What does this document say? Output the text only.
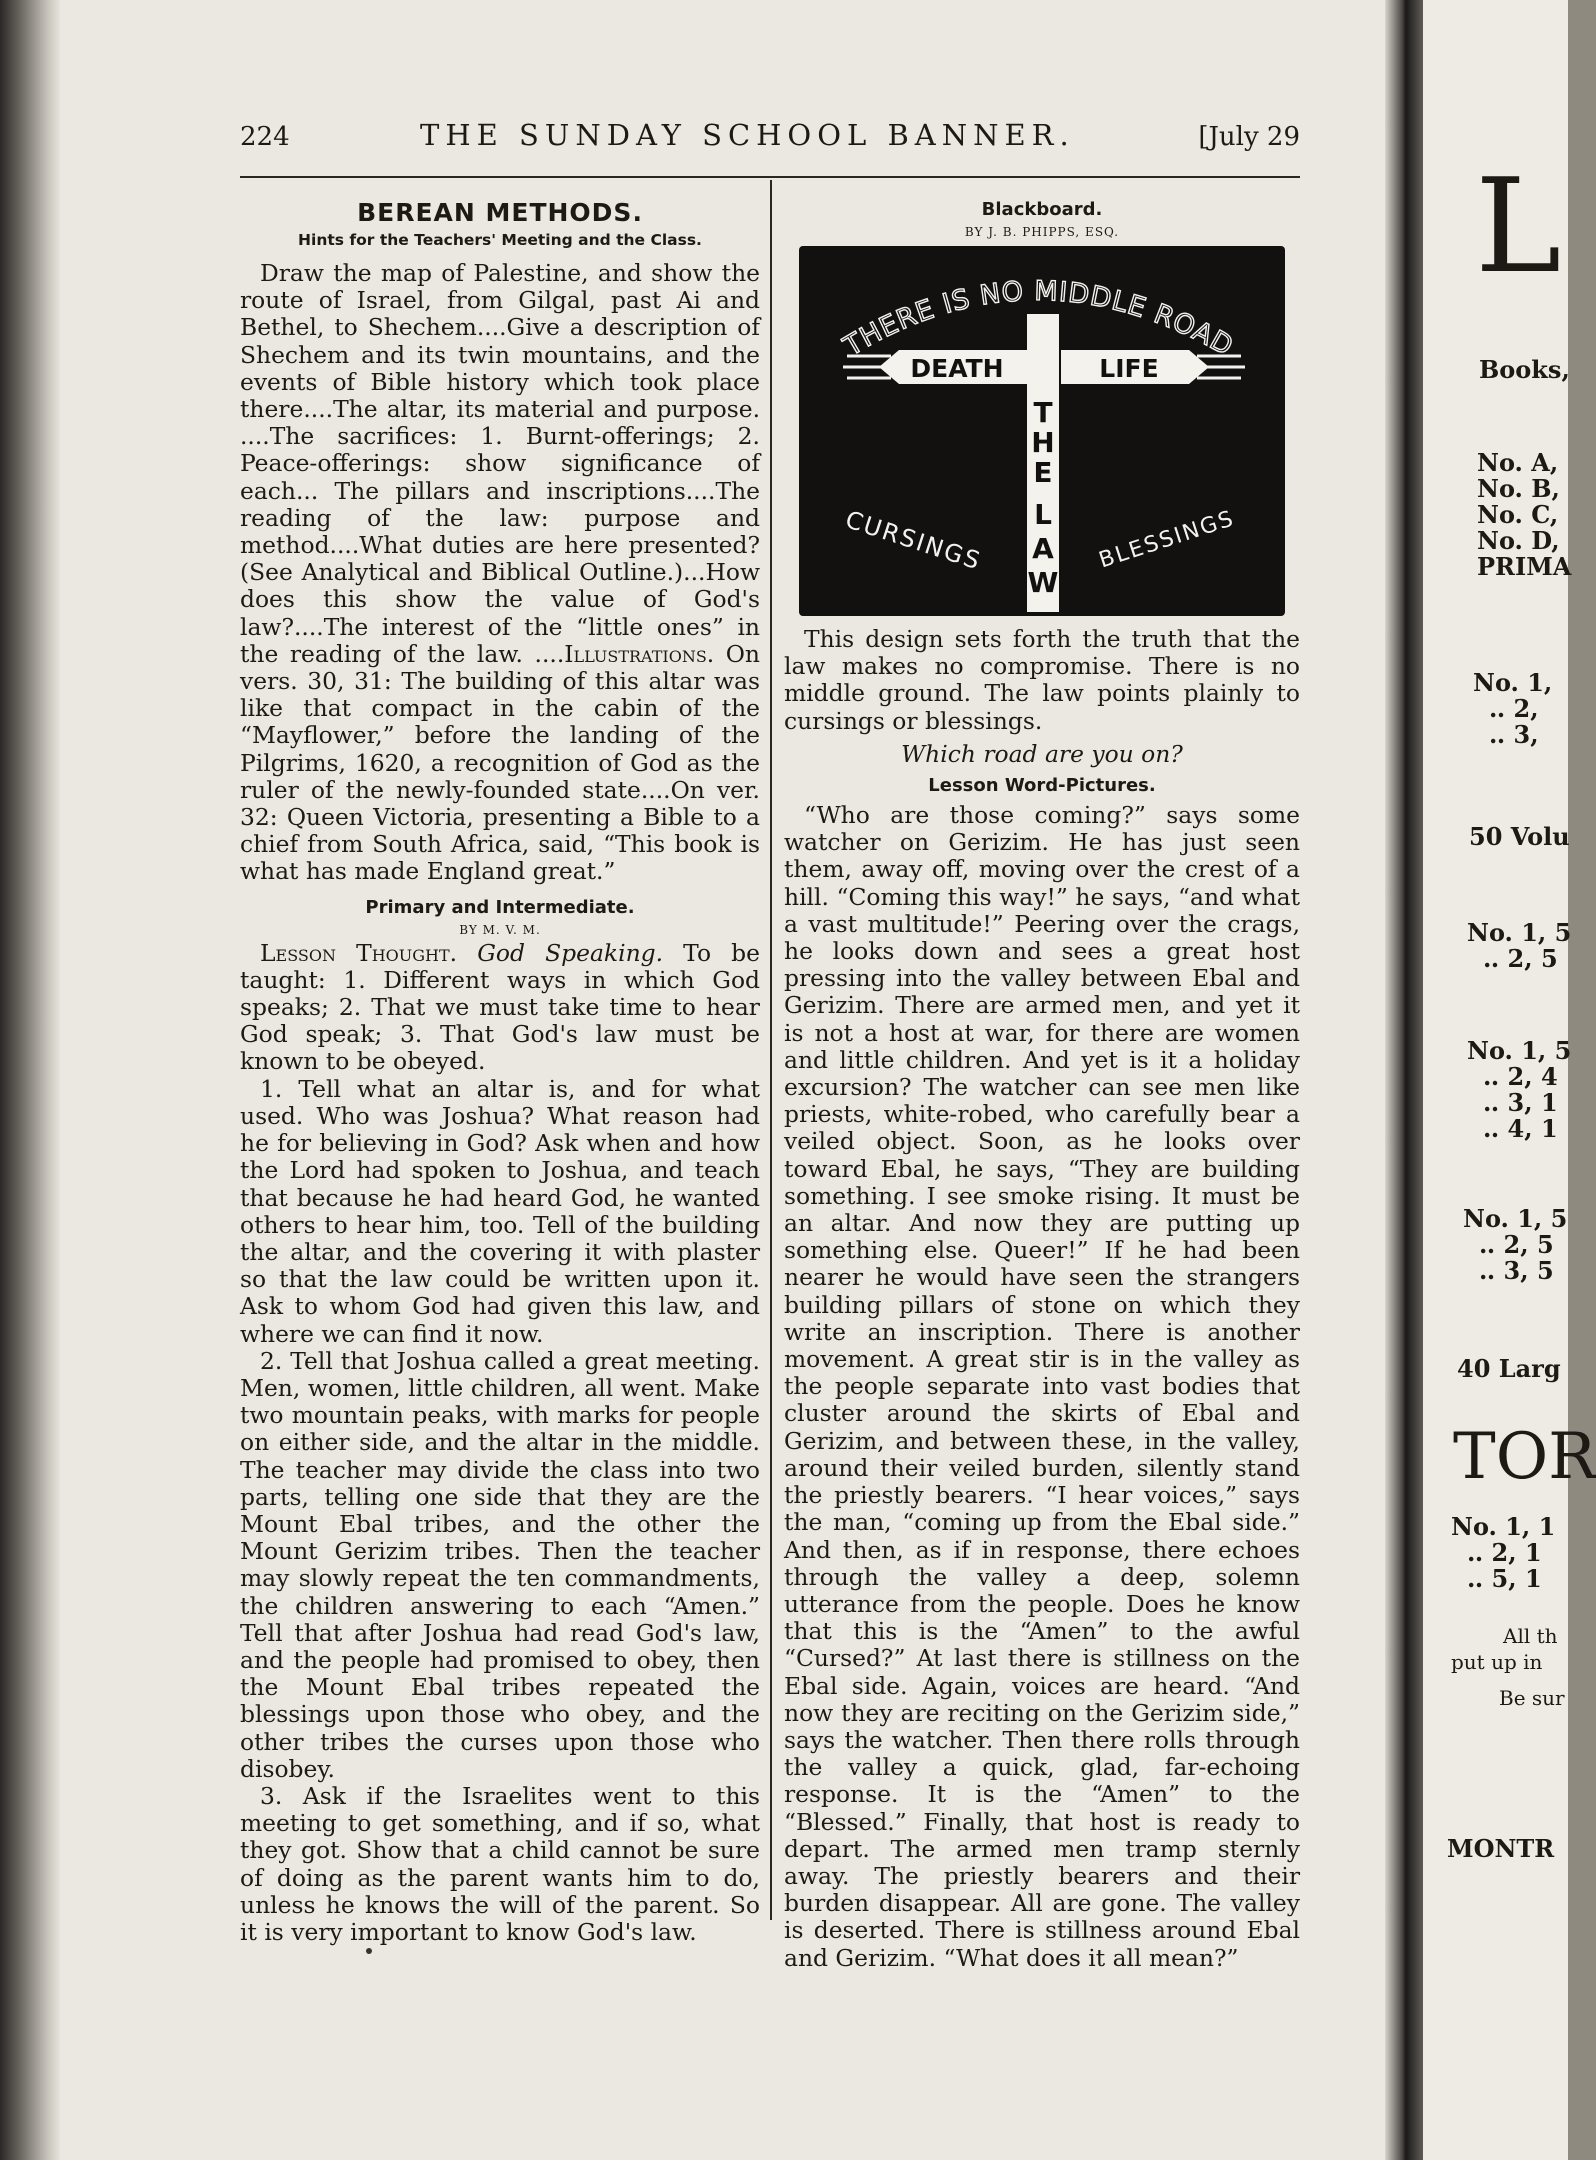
224	THE SUNDAY SCHOOL BANNER.	[July 29
BEREAN METHODS.
Hints for the Teachers' Meeting and the Class.

Draw the map of Palestine, and show the route of Israel, from Gilgal, past Ai and Bethel, to Shechem....Give a description of Shechem and its twin mountains, and the events of Bible history which took place there....The altar, its material and purpose. ....The sacrifices: 1. Burnt-offerings; 2. Peace-offerings: show significance of each... The pillars and inscriptions....The reading of the law: purpose and method....What duties are here presented? (See Analytical and Biblical Outline.)...How does this show the value of God's law?....The interest of the “little ones” in the reading of the law. ....Illustrations. On vers. 30, 31: The building of this altar was like that compact in the cabin of the “Mayflower,” before the landing of the Pilgrims, 1620, a recognition of God as the ruler of the newly-founded state....On ver. 32: Queen Victoria, presenting a Bible to a chief from South Africa, said, “This book is what has made England great.”

Primary and Intermediate.
BY M. V. M.

Lesson Thought. God Speaking. To be taught: 1. Different ways in which God speaks; 2. That we must take time to hear God speak; 3. That God's law must be known to be obeyed.

1. Tell what an altar is, and for what used. Who was Joshua? What reason had he for believing in God? Ask when and how the Lord had spoken to Joshua, and teach that because he had heard God, he wanted others to hear him, too. Tell of the building the altar, and the covering it with plaster so that the law could be written upon it. Ask to whom God had given this law, and where we can find it now.

2. Tell that Joshua called a great meeting. Men, women, little children, all went. Make two mountain peaks, with marks for people on either side, and the altar in the middle. The teacher may divide the class into two parts, telling one side that they are the Mount Ebal tribes, and the other the Mount Gerizim tribes. Then the teacher may slowly repeat the ten commandments, the children answering to each “Amen.” Tell that after Joshua had read God's law, and the people had promised to obey, then the Mount Ebal tribes repeated the blessings upon those who obey, and the other tribes the curses upon those who disobey.

3. Ask if the Israelites went to this meeting to get something, and if so, what they got. Show that a child cannot be sure of doing as the parent wants him to do, unless he knows the will of the parent. So it is very important to know God's law.

Blackboard.
BY J. B. PHIPPS, ESQ.
THERE IS NO MIDDLE ROAD
DEATH	LIFE
T
H
E
L
A
W
CURSINGS	BLESSINGS

This design sets forth the truth that the law makes no compromise. There is no middle ground. The law points plainly to cursings or blessings.

Which road are you on?
Lesson Word-Pictures.

“Who are those coming?” says some watcher on Gerizim. He has just seen them, away off, moving over the crest of a hill. “Coming this way!” he says, “and what a vast multitude!” Peering over the crags, he looks down and sees a great host pressing into the valley between Ebal and Gerizim. There are armed men, and yet it is not a host at war, for there are women and little children. And yet is it a holiday excursion? The watcher can see men like priests, white-robed, who carefully bear a veiled object. Soon, as he looks over toward Ebal, he says, “They are building something. I see smoke rising. It must be an altar. And now they are putting up something else. Queer!” If he had been nearer he would have seen the strangers building pillars of stone on which they write an inscription. There is another movement. A great stir is in the valley as the people separate into vast bodies that cluster around the skirts of Ebal and Gerizim, and between these, in the valley, around their veiled burden, silently stand the priestly bearers. “I hear voices,” says the man, “coming up from the Ebal side.” And then, as if in response, there echoes through the valley a deep, solemn utterance from the people. Does he know that this is the “Amen” to the awful “Cursed?” At last there is stillness on the Ebal side. Again, voices are heard. “And now they are reciting on the Gerizim side,” says the watcher. Then there rolls through the valley a quick, glad, far-echoing response. It is the “Amen” to the “Blessed.” Finally, that host is ready to depart. The armed men tramp sternly away. The priestly bearers and their burden disappear. All are gone. The valley is deserted. There is stillness around Ebal and Gerizim. “What does it all mean?”

L
Books,
No. A,
No. B,
No. C,
No. D,
PRIMA
No. 1,
‥ 2,
‥ 3,
50 Volu
No. 1, 5
‥ 2, 5
No. 1, 5
‥ 2, 4
‥ 3, 1
‥ 4, 1
No. 1, 5
‥ 2, 5
‥ 3, 5
40 Larg
TOR
No. 1, 1
‥ 2, 1
‥ 5, 1
All th
put up in
Be sur
MONTR
